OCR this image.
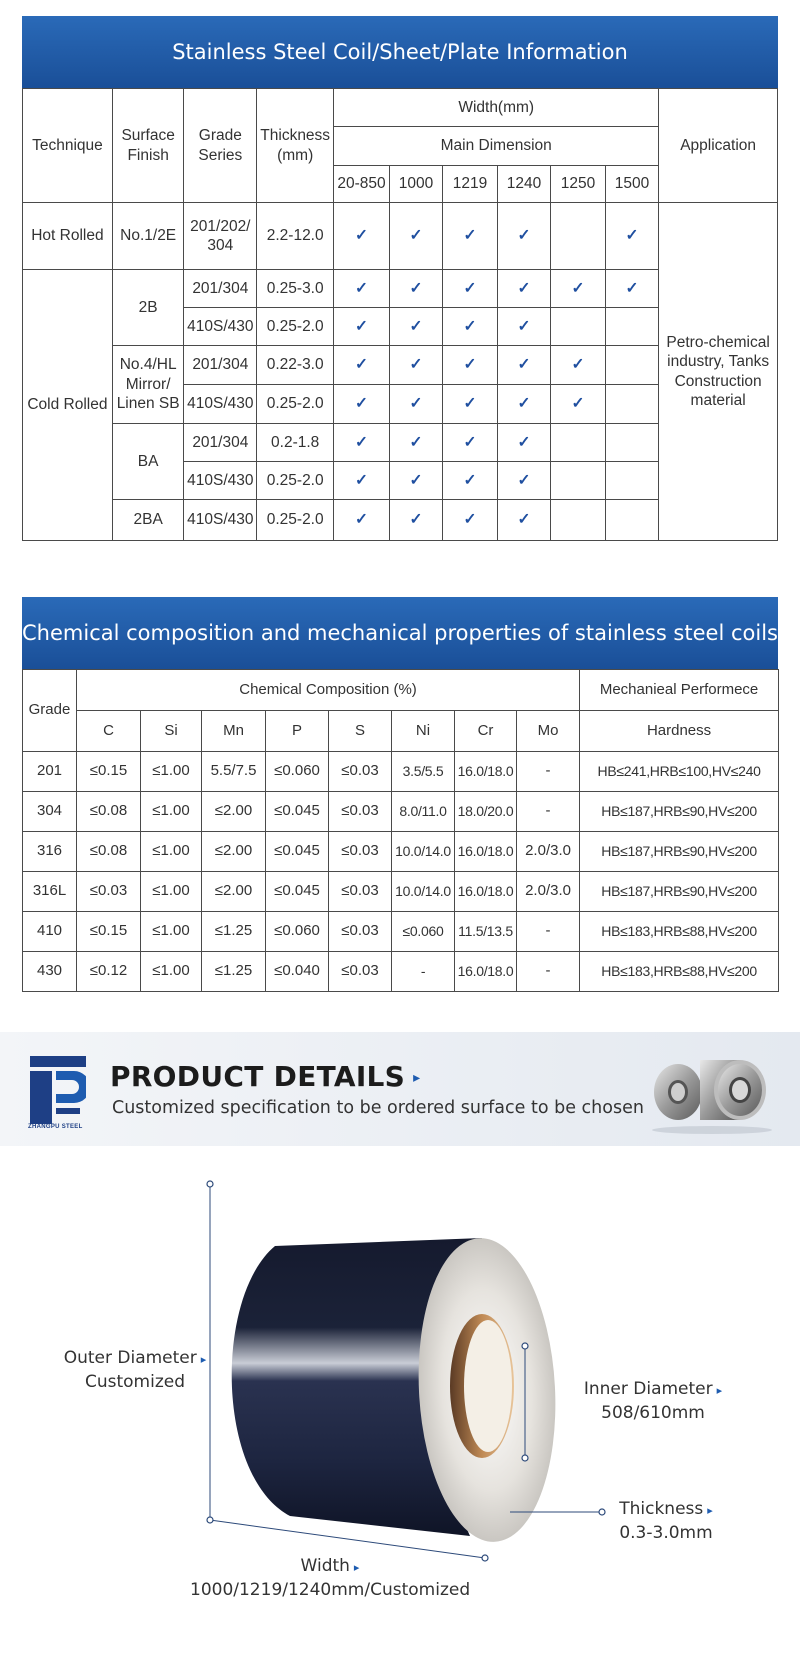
Stainless Steel Coil/Sheet/Plate Information
Technique	Surface Finish	Grade Series	Thickness (mm)	Width(mm)						Application
				Main Dimension						
				20-850	1000	1219	1240	1250	1500	
Hot Rolled	No.1/2E	201/202/ 304	2.2-12.0	✓	✓	✓	✓		✓	Petro-chemical industry, Tanks Construction material
Cold Rolled	2B	201/304	0.25-3.0	✓	✓	✓	✓	✓	✓	
		410S/430	0.25-2.0	✓	✓	✓	✓			
	No.4/HL Mirror/ Linen SB	201/304	0.22-3.0	✓	✓	✓	✓	✓		
		410S/430	0.25-2.0	✓	✓	✓	✓	✓		
	BA	201/304	0.2-1.8	✓	✓	✓	✓			
		410S/430	0.25-2.0	✓	✓	✓	✓			
	2BA	410S/430	0.25-2.0	✓	✓	✓	✓			
Chemical composition and mechanical properties of stainless steel coils
Grade	Chemical Composition (%)								Mechanieal Performece
	C	Si	Mn	P	S	Ni	Cr	Mo	Hardness
201	≤0.15	≤1.00	5.5/7.5	≤0.060	≤0.03	3.5/5.5	16.0/18.0	-	HB≤241,HRB≤100,HV≤240
304	≤0.08	≤1.00	≤2.00	≤0.045	≤0.03	8.0/11.0	18.0/20.0	-	HB≤187,HRB≤90,HV≤200
316	≤0.08	≤1.00	≤2.00	≤0.045	≤0.03	10.0/14.0	16.0/18.0	2.0/3.0	HB≤187,HRB≤90,HV≤200
316L	≤0.03	≤1.00	≤2.00	≤0.045	≤0.03	10.0/14.0	16.0/18.0	2.0/3.0	HB≤187,HRB≤90,HV≤200
410	≤0.15	≤1.00	≤1.25	≤0.060	≤0.03	≤0.060	11.5/13.5	-	HB≤183,HRB≤88,HV≤200
430	≤0.12	≤1.00	≤1.25	≤0.040	≤0.03	-	16.0/18.0	-	HB≤183,HRB≤88,HV≤200
ZHANGPU STEEL
PRODUCT DETAILS ▸
Customized specification to be ordered surface to be chosen
Outer Diameter ▸
Customized	Inner Diameter ▸
508/610mm
Thickness ▸
0.3-3.0mm
Width ▸
1000/1219/1240mm/Customized
